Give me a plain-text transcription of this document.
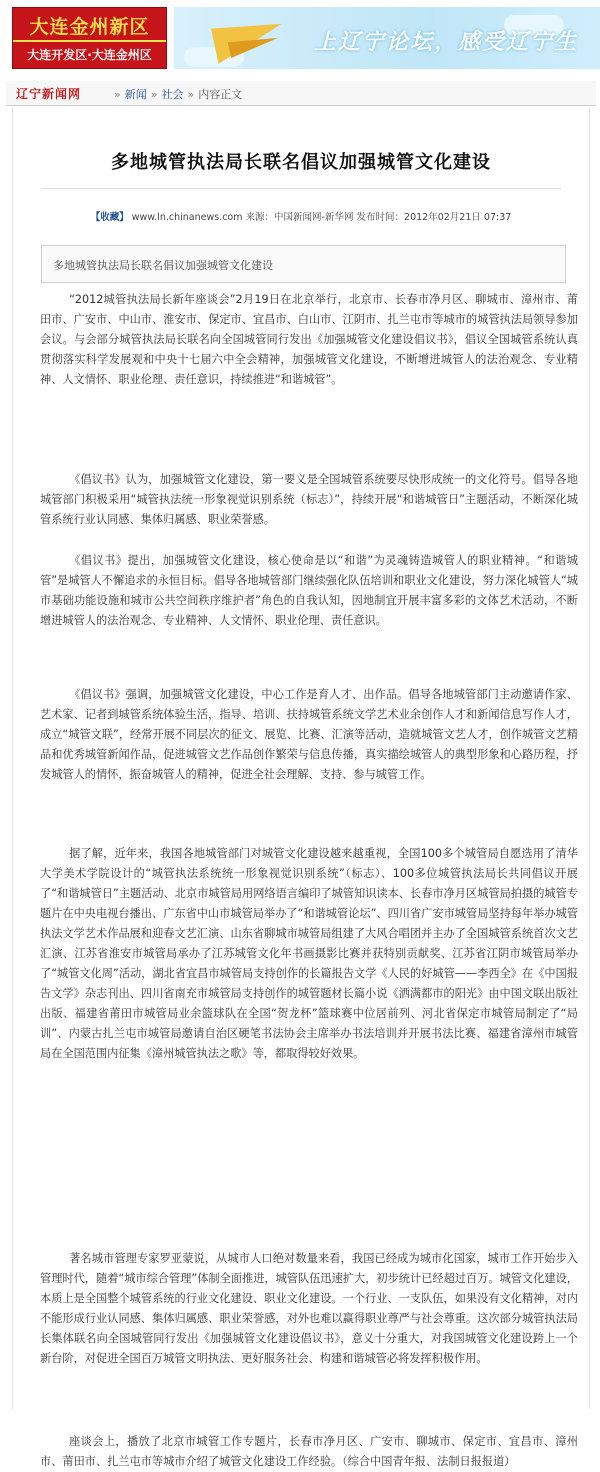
大连金州新区
大连开发区·大连金州区	上辽宁论坛，感受辽宁生
辽宁新闻网	» 新闻 » 社会 » 内容正文
多地城管执法局长联名倡议加强城管文化建设
【收藏】 www.ln.chinanews.com 来源：中国新闻网-新华网 发布时间：2012年02月21日 07:37
多地城管执法局长联名倡议加强城管文化建设
“2012城管执法局长新年座谈会”2月19日在北京举行，北京市、长春市净月区、聊城市、漳州市、莆田市、广安市、中山市、淮安市、保定市、宜昌市、白山市、江阴市、扎兰屯市等城市的城管执法局领导参加会议。与会部分城管执法局长联名向全国城管同行发出《加强城管文化建设倡议书》，倡议全国城管系统认真贯彻落实科学发展观和中央十七届六中全会精神，加强城管文化建设，不断增进城管人的法治观念、专业精神、人文情怀、职业伦理、责任意识，持续推进“和谐城管”。
《倡议书》认为，加强城管文化建设，第一要义是全国城管系统要尽快形成统一的文化符号。倡导各地城管部门积极采用“城管执法统一形象视觉识别系统（标志）”，持续开展“和谐城管日”主题活动，不断深化城管系统行业认同感、集体归属感、职业荣誉感。
《倡议书》提出，加强城管文化建设，核心使命是以“和谐”为灵魂铸造城管人的职业精神。“和谐城管”是城管人不懈追求的永恒目标。倡导各地城管部门继续强化队伍培训和职业文化建设，努力深化城管人“城市基础功能设施和城市公共空间秩序维护者”角色的自我认知，因地制宜开展丰富多彩的文体艺术活动，不断增进城管人的法治观念、专业精神、人文情怀、职业伦理、责任意识。
《倡议书》强调，加强城管文化建设，中心工作是育人才、出作品。倡导各地城管部门主动邀请作家、艺术家、记者到城管系统体验生活，指导、培训、扶持城管系统文学艺术业余创作人才和新闻信息写作人才，成立“城管文联”，经常开展不同层次的征文、展览、比赛、汇演等活动，造就城管文艺人才，创作城管文艺精品和优秀城管新闻作品，促进城管文艺作品创作繁荣与信息传播，真实描绘城管人的典型形象和心路历程，抒发城管人的情怀，振奋城管人的精神，促进全社会理解、支持、参与城管工作。
据了解，近年来，我国各地城管部门对城管文化建设越来越重视，全国100多个城管局自愿选用了清华大学美术学院设计的“城管执法系统统一形象视觉识别系统”（标志）、100多位城管执法局长共同倡议开展了“和谐城管日”主题活动、北京市城管局用网络语言编印了城管知识读本、长春市净月区城管局拍摄的城管专题片在中央电视台播出、广东省中山市城管局举办了“和谐城管论坛”、四川省广安市城管局坚持每年举办城管执法文学艺术作品展和迎春文艺汇演、山东省聊城市城管局组建了大风合唱团并主办了全国城管系统首次文艺汇演、江苏省淮安市城管局承办了江苏城管文化年书画摄影比赛并获特别贡献奖、江苏省江阴市城管局举办了“城管文化周”活动，湖北省宜昌市城管局支持创作的长篇报告文学《人民的好城管——李西全》在《中国报告文学》杂志刊出、四川省南充市城管局支持创作的城管题材长篇小说《洒满都市的阳光》由中国文联出版社出版、福建省莆田市城管局业余篮球队在全国“贺龙杯”篮球赛中位居前列、河北省保定市城管局制定了“局训”、内蒙古扎兰屯市城管局邀请自治区硬笔书法协会主席举办书法培训并开展书法比赛、福建省漳州市城管局在全国范围内征集《漳州城管执法之歌》等，都取得较好效果。
著名城市管理专家罗亚蒙说，从城市人口绝对数量来看，我国已经成为城市化国家，城市工作开始步入管理时代，随着“城市综合管理”体制全面推进，城管队伍迅速扩大，初步统计已经超过百万。城管文化建设，本质上是全国整个城管系统的行业文化建设、职业文化建设。一个行业、一支队伍，如果没有文化精神，对内不能形成行业认同感、集体归属感、职业荣誉感，对外也难以赢得职业尊严与社会尊重。这次部分城管执法局长集体联名向全国城管同行发出《加强城管文化建设倡议书》，意义十分重大，对我国城管文化建设跨上一个新台阶，对促进全国百万城管文明执法、更好服务社会、构建和谐城管必将发挥积极作用。
座谈会上，播放了北京市城管工作专题片，长春市净月区、广安市、聊城市、保定市、宜昌市、漳州市、莆田市、扎兰屯市等城市介绍了城管文化建设工作经验。（综合中国青年报、法制日报报道）
